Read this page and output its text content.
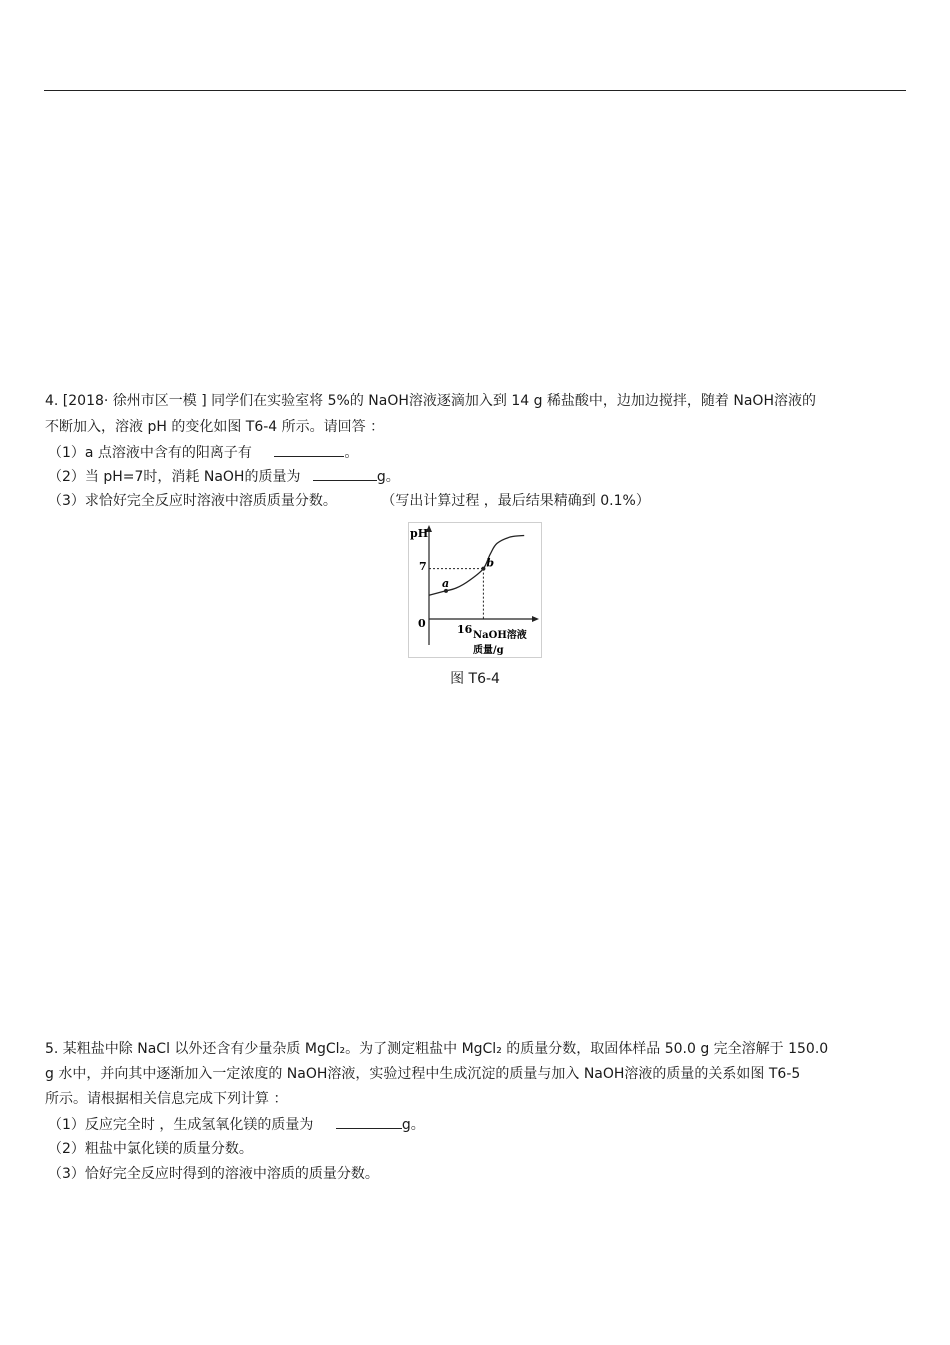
4. [2018· 徐州市区一模 ] 同学们在实验室将 5%的 NaOH溶液逐滴加入到 14 g 稀盐酸中，边加边搅拌，随着 NaOH溶液的
不断加入，溶液 pH 的变化如图 T6-4 所示。请回答 ：
（1）a 点溶液中含有的阳离子有	。
（2）当 pH=7时，消耗 NaOH的质量为	g。
（3）求恰好完全反应时溶液中溶质质量分数。	（写出计算过程 ，最后结果精确到 0.1%）
pH
7
0	16 NaOH溶液
质量/g
a
b
图 T6-4
5. 某粗盐中除 NaCl 以外还含有少量杂质 MgCl₂。为了测定粗盐中 MgCl₂ 的质量分数，取固体样品 50.0 g 完全溶解于 150.0
g 水中，并向其中逐渐加入一定浓度的 NaOH溶液，实验过程中生成沉淀的质量与加入 NaOH溶液的质量的关系如图 T6-5
所示。请根据相关信息完成下列计算 ：
（1）反应完全时 ，生成氢氧化镁的质量为	g。
（2）粗盐中氯化镁的质量分数。
（3）恰好完全反应时得到的溶液中溶质的质量分数。
